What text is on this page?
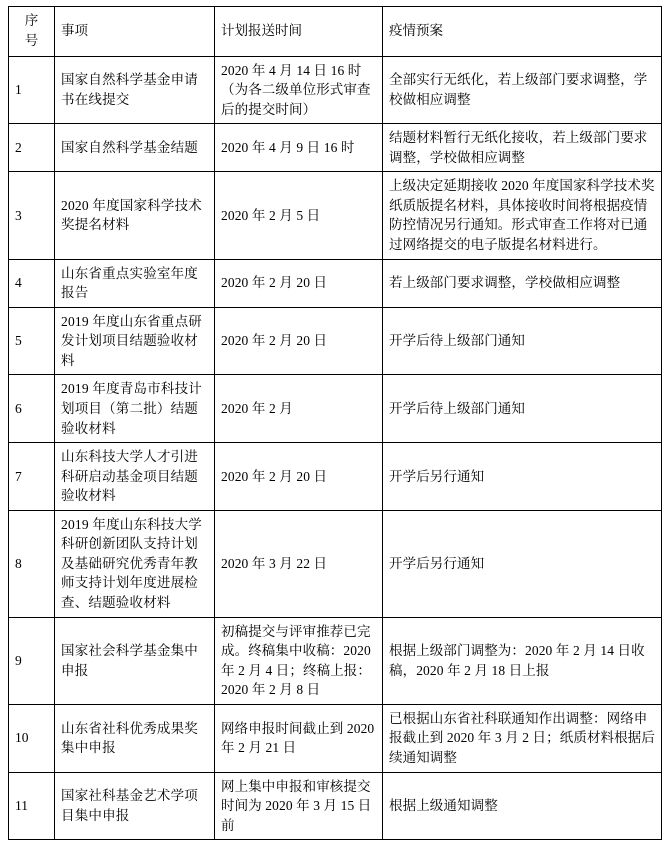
序
号	事项	计划报送时间	疫情预案
1	国家自然科学基金申请书在线提交	2020 年 4 月 14 日 16 时（为各二级单位形式审查后的提交时间）	全部实行无纸化，若上级部门要求调整，学校做相应调整
2	国家自然科学基金结题	2020 年 4 月 9 日 16 时	结题材料暂行无纸化接收，若上级部门要求调整，学校做相应调整
3	2020 年度国家科学技术奖提名材料	2020 年 2 月 5 日	上级决定延期接收 2020 年度国家科学技术奖纸质版提名材料，具体接收时间将根据疫情防控情况另行通知。形式审查工作将对已通过网络提交的电子版提名材料进行。
4	山东省重点实验室年度报告	2020 年 2 月 20 日	若上级部门要求调整，学校做相应调整
5	2019 年度山东省重点研发计划项目结题验收材料	2020 年 2 月 20 日	开学后待上级部门通知
6	2019 年度青岛市科技计划项目（第二批）结题验收材料	2020 年 2 月	开学后待上级部门通知
7	山东科技大学人才引进科研启动基金项目结题验收材料	2020 年 2 月 20 日	开学后另行通知
8	2019 年度山东科技大学科研创新团队支持计划及基础研究优秀青年教师支持计划年度进展检查、结题验收材料	2020 年 3 月 22 日	开学后另行通知
9	国家社会科学基金集中申报	初稿提交与评审推荐已完成。终稿集中收稿：2020 年 2 月 4 日；终稿上报：2020 年 2 月 8 日	根据上级部门调整为：2020 年 2 月 14 日收稿，2020 年 2 月 18 日上报
10	山东省社科优秀成果奖集中申报	网络申报时间截止到 2020 年 2 月 21 日	已根据山东省社科联通知作出调整：网络申报截止到 2020 年 3 月 2 日；纸质材料根据后续通知调整
11	国家社科基金艺术学项目集中申报	网上集中申报和审核提交时间为 2020 年 3 月 15 日前	根据上级通知调整
